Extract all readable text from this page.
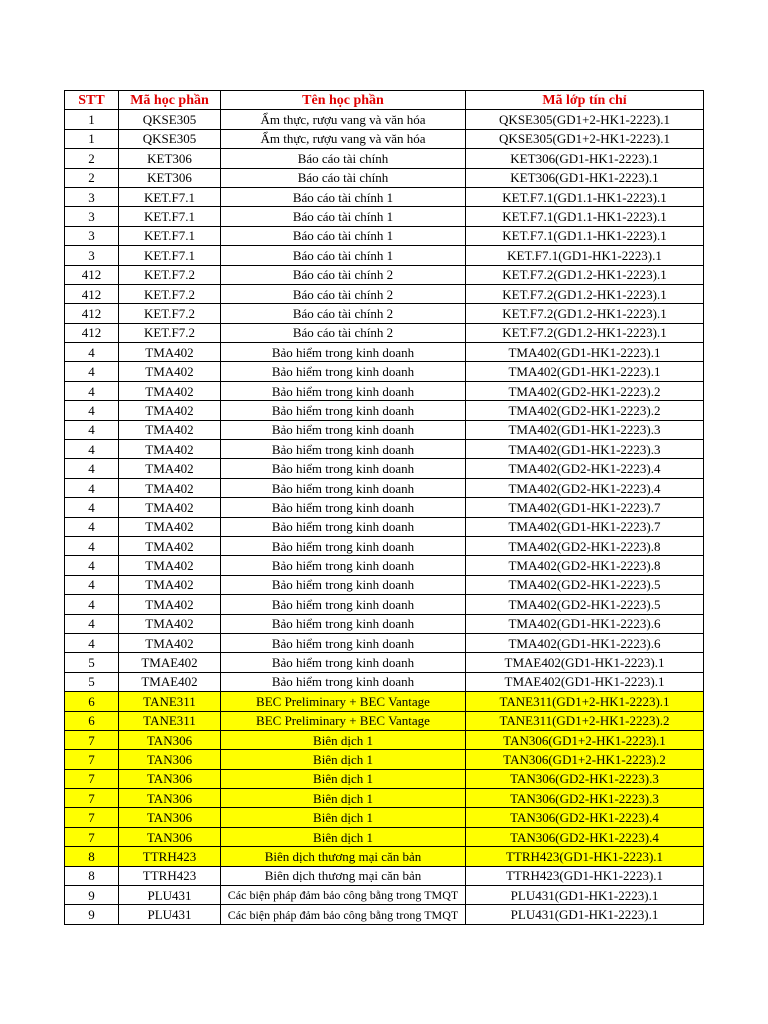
STT	Mã học phần	Tên học phần	Mã lớp tín chỉ
1	QKSE305	Ẩm thực, rượu vang và văn hóa	QKSE305(GD1+2-HK1-2223).1
1	QKSE305	Ẩm thực, rượu vang và văn hóa	QKSE305(GD1+2-HK1-2223).1
2	KET306	Báo cáo tài chính	KET306(GD1-HK1-2223).1
2	KET306	Báo cáo tài chính	KET306(GD1-HK1-2223).1
3	KET.F7.1	Báo cáo tài chính 1	KET.F7.1(GD1.1-HK1-2223).1
3	KET.F7.1	Báo cáo tài chính 1	KET.F7.1(GD1.1-HK1-2223).1
3	KET.F7.1	Báo cáo tài chính 1	KET.F7.1(GD1.1-HK1-2223).1
3	KET.F7.1	Báo cáo tài chính 1	KET.F7.1(GD1-HK1-2223).1
412	KET.F7.2	Báo cáo tài chính 2	KET.F7.2(GD1.2-HK1-2223).1
412	KET.F7.2	Báo cáo tài chính 2	KET.F7.2(GD1.2-HK1-2223).1
412	KET.F7.2	Báo cáo tài chính 2	KET.F7.2(GD1.2-HK1-2223).1
412	KET.F7.2	Báo cáo tài chính 2	KET.F7.2(GD1.2-HK1-2223).1
4	TMA402	Bảo hiểm trong kinh doanh	TMA402(GD1-HK1-2223).1
4	TMA402	Bảo hiểm trong kinh doanh	TMA402(GD1-HK1-2223).1
4	TMA402	Bảo hiểm trong kinh doanh	TMA402(GD2-HK1-2223).2
4	TMA402	Bảo hiểm trong kinh doanh	TMA402(GD2-HK1-2223).2
4	TMA402	Bảo hiểm trong kinh doanh	TMA402(GD1-HK1-2223).3
4	TMA402	Bảo hiểm trong kinh doanh	TMA402(GD1-HK1-2223).3
4	TMA402	Bảo hiểm trong kinh doanh	TMA402(GD2-HK1-2223).4
4	TMA402	Bảo hiểm trong kinh doanh	TMA402(GD2-HK1-2223).4
4	TMA402	Bảo hiểm trong kinh doanh	TMA402(GD1-HK1-2223).7
4	TMA402	Bảo hiểm trong kinh doanh	TMA402(GD1-HK1-2223).7
4	TMA402	Bảo hiểm trong kinh doanh	TMA402(GD2-HK1-2223).8
4	TMA402	Bảo hiểm trong kinh doanh	TMA402(GD2-HK1-2223).8
4	TMA402	Bảo hiểm trong kinh doanh	TMA402(GD2-HK1-2223).5
4	TMA402	Bảo hiểm trong kinh doanh	TMA402(GD2-HK1-2223).5
4	TMA402	Bảo hiểm trong kinh doanh	TMA402(GD1-HK1-2223).6
4	TMA402	Bảo hiểm trong kinh doanh	TMA402(GD1-HK1-2223).6
5	TMAE402	Bảo hiểm trong kinh doanh	TMAE402(GD1-HK1-2223).1
5	TMAE402	Bảo hiểm trong kinh doanh	TMAE402(GD1-HK1-2223).1
6	TANE311	BEC Preliminary + BEC Vantage	TANE311(GD1+2-HK1-2223).1
6	TANE311	BEC Preliminary + BEC Vantage	TANE311(GD1+2-HK1-2223).2
7	TAN306	Biên dịch 1	TAN306(GD1+2-HK1-2223).1
7	TAN306	Biên dịch 1	TAN306(GD1+2-HK1-2223).2
7	TAN306	Biên dịch 1	TAN306(GD2-HK1-2223).3
7	TAN306	Biên dịch 1	TAN306(GD2-HK1-2223).3
7	TAN306	Biên dịch 1	TAN306(GD2-HK1-2223).4
7	TAN306	Biên dịch 1	TAN306(GD2-HK1-2223).4
8	TTRH423	Biên dịch thương mại căn bản	TTRH423(GD1-HK1-2223).1
8	TTRH423	Biên dịch thương mại căn bản	TTRH423(GD1-HK1-2223).1
9	PLU431	Các biện pháp đảm bảo công bằng trong TMQT	PLU431(GD1-HK1-2223).1
9	PLU431	Các biện pháp đảm bảo công bằng trong TMQT	PLU431(GD1-HK1-2223).1
